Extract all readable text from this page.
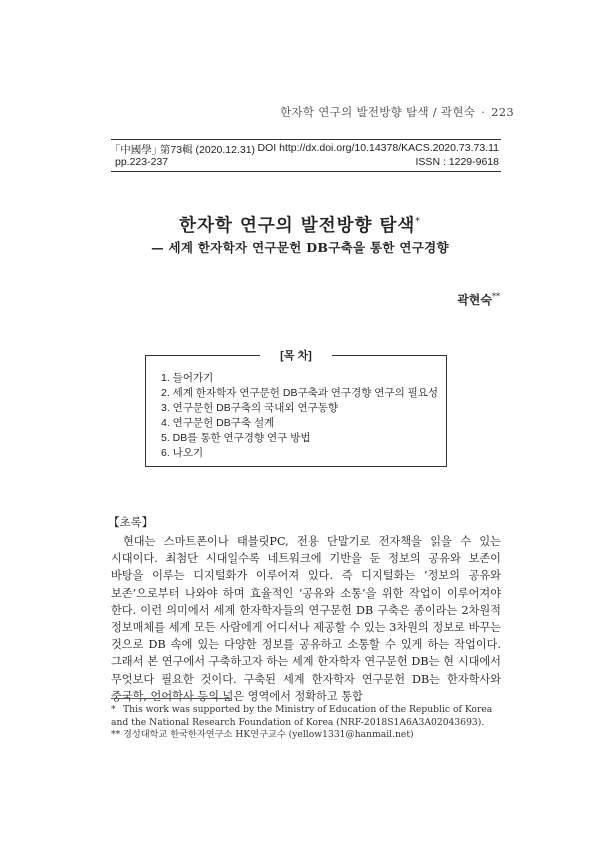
한자학 연구의 발전방향 탐색 / 곽현숙 · 223
｢中國學｣ 第73輯 (2020.12.31) DOI http://dx.doi.org/10.14378/KACS.2020.73.73.11
pp.223-237	ISSN : 1229-9618
한자학 연구의 발전방향 탐색*
— 세계 한자학자 연구문헌 DB구축을 통한 연구경향
곽현숙**
[목 차]
1. 들어가기
2. 세계 한자학자 연구문헌 DB구축과 연구경향 연구의 필요성
3. 연구문헌 DB구축의 국내외 연구동향
4. 연구문헌 DB구축 설계
5. DB를 통한 연구경향 연구 방법
6. 나오기
【초록】

현대는 스마트폰이나 태블릿PC, 전용 단말기로 전자책을 읽을 수 있는 시대이다. 최첨단 시대일수록 네트워크에 기반을 둔 정보의 공유와 보존이 바탕을 이루는 디지털화가 이루어져 있다. 즉 디지털화는 ‘정보의 공유와 보존’으로부터 나와야 하며 효율적인 ‘공유와 소통’을 위한 작업이 이루어져야 한다. 이런 의미에서 세계 한자학자들의 연구문헌 DB 구축은 종이라는 2차원적 정보매체를 세계 모든 사람에게 어디서나 제공할 수 있는 3차원의 정보로 바꾸는 것으로 DB 속에 있는 다양한 정보를 공유하고 소통할 수 있게 하는 작업이다. 그래서 본 연구에서 구축하고자 하는 세계 한자학자 연구문헌 DB는 현 시대에서 무엇보다 필요한 것이다. 구축된 세계 한자학자 연구문헌 DB는 한자학사와 중국학, 언어학사 등의 넓은 영역에서 정확하고 통합

* This work was supported by the Ministry of Education of the Republic of Korea and the National Research Foundation of Korea (NRF-2018S1A6A3A02043693).
** 경성대학교 한국한자연구소 HK연구교수 (yellow1331@hanmail.net)
